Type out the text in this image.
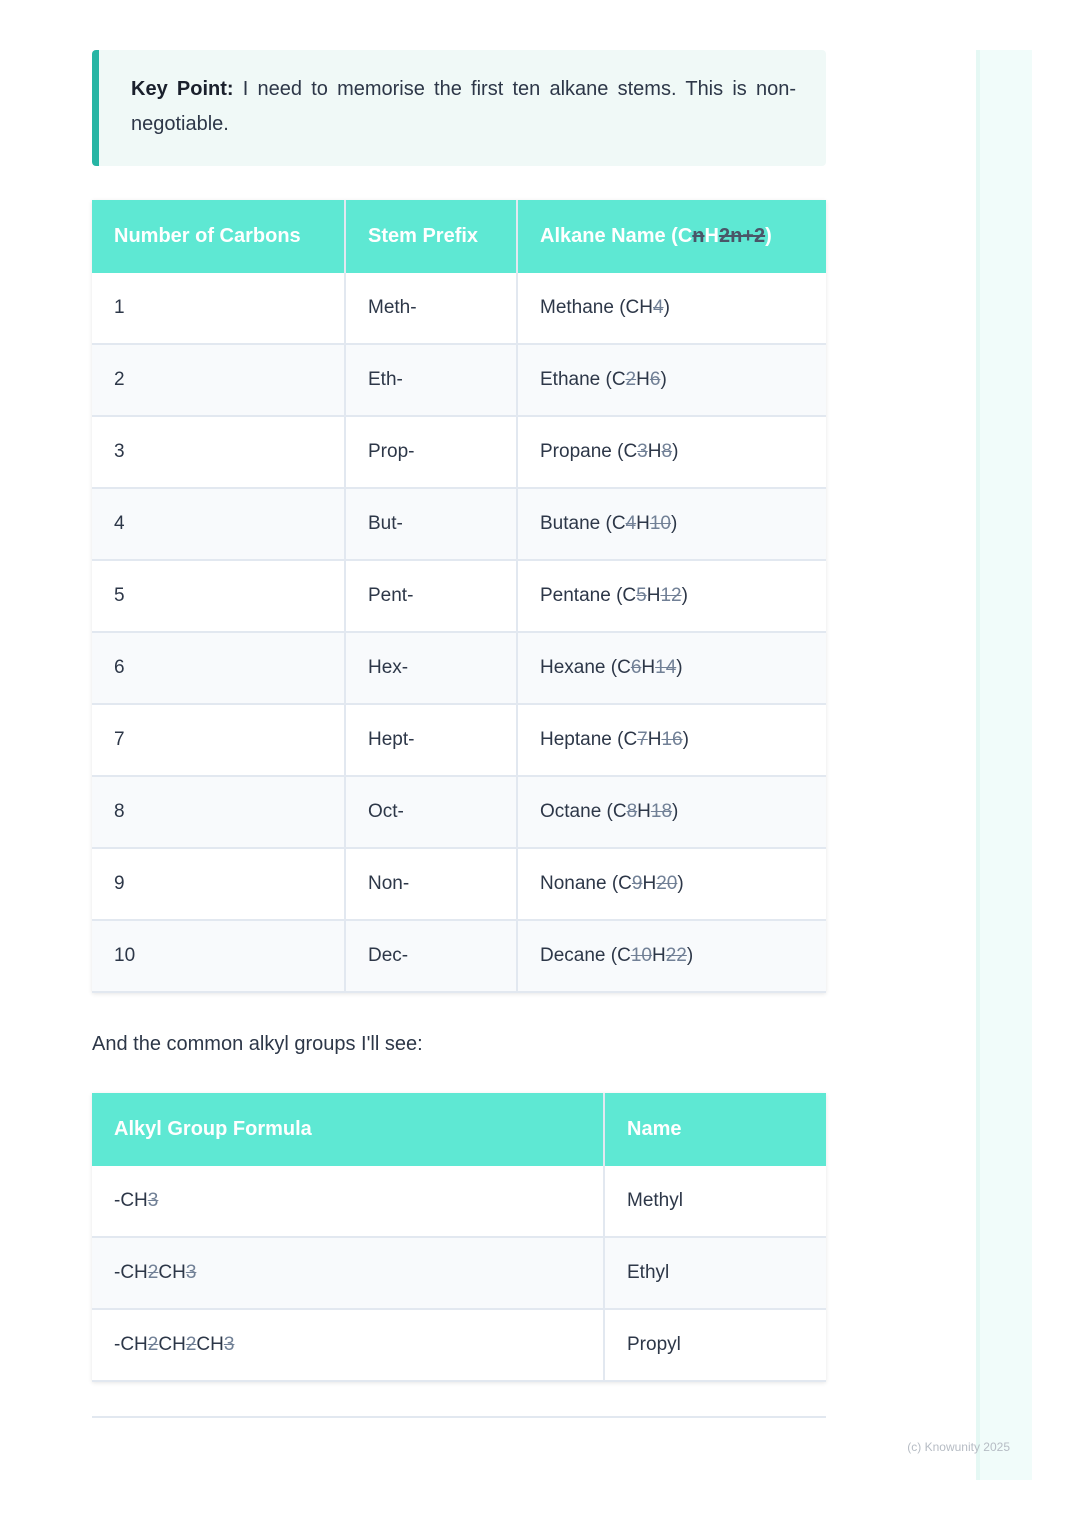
Key Point: I need to memorise the first ten alkane stems. This is non-negotiable.
Number of Carbons	Stem Prefix	Alkane Name (CnH2n+2)
1	Meth-	Methane (CH4)
2	Eth-	Ethane (C2H6)
3	Prop-	Propane (C3H8)
4	But-	Butane (C4H10)
5	Pent-	Pentane (C5H12)
6	Hex-	Hexane (C6H14)
7	Hept-	Heptane (C7H16)
8	Oct-	Octane (C8H18)
9	Non-	Nonane (C9H20)
10	Dec-	Decane (C10H22)
And the common alkyl groups I'll see:
Alkyl Group Formula	Name
-CH3	Methyl
-CH2CH3	Ethyl
-CH2CH2CH3	Propyl
(c) Knowunity 2025
